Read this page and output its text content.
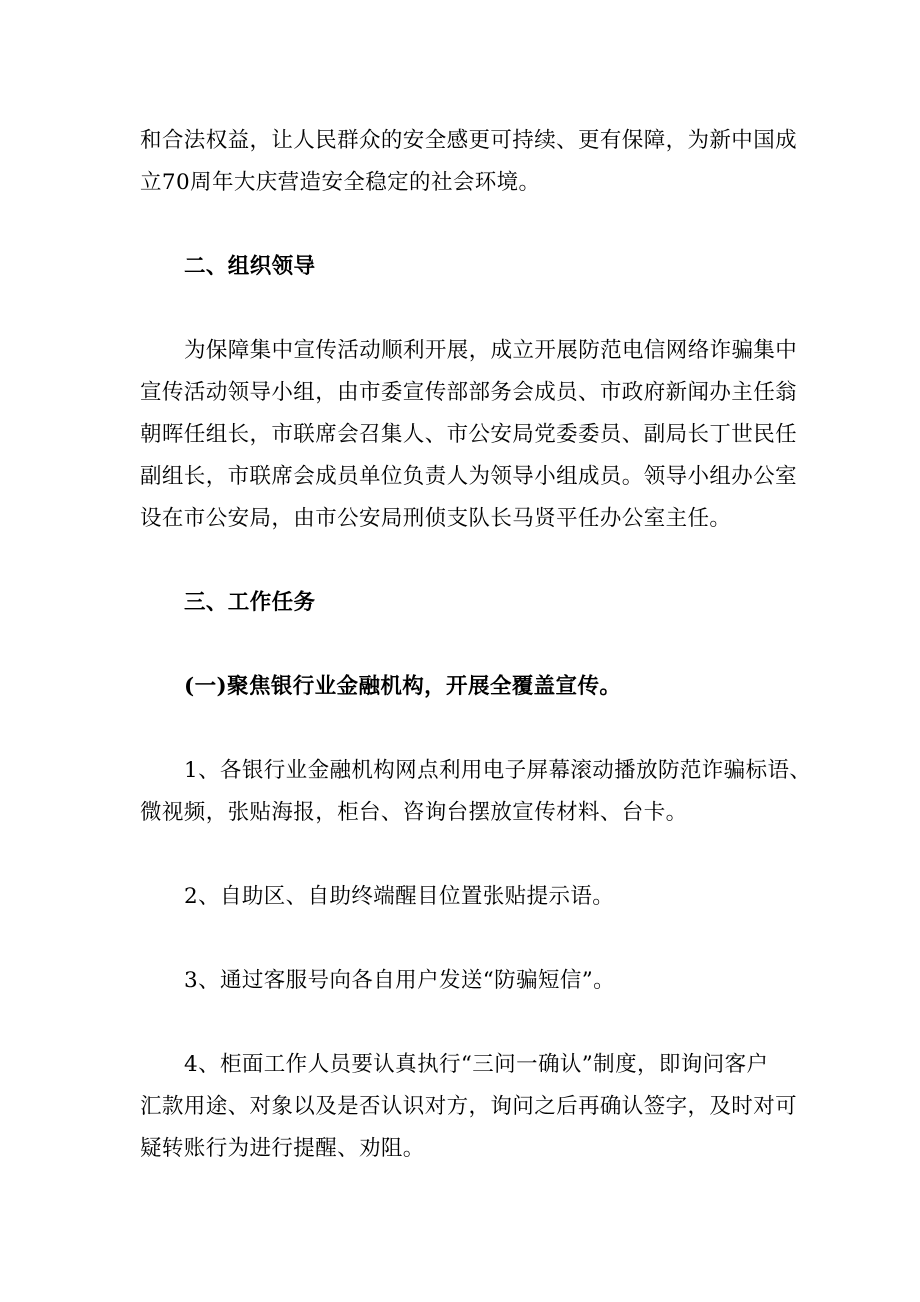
和合法权益，让人民群众的安全感更可持续、更有保障，为新中国成
立70周年大庆营造安全稳定的社会环境。
二、组织领导
为保障集中宣传活动顺利开展，成立开展防范电信网络诈骗集中
宣传活动领导小组，由市委宣传部部务会成员、市政府新闻办主任翁
朝晖任组长，市联席会召集人、市公安局党委委员、副局长丁世民任
副组长，市联席会成员单位负责人为领导小组成员。领导小组办公室
设在市公安局，由市公安局刑侦支队长马贤平任办公室主任。
三、工作任务
(一)聚焦银行业金融机构，开展全覆盖宣传。
1、各银行业金融机构网点利用电子屏幕滚动播放防范诈骗标语、
微视频，张贴海报，柜台、咨询台摆放宣传材料、台卡。
2、自助区、自助终端醒目位置张贴提示语。
3、通过客服号向各自用户发送“防骗短信”。
4、柜面工作人员要认真执行“三问一确认”制度，即询问客户
汇款用途、对象以及是否认识对方，询问之后再确认签字，及时对可
疑转账行为进行提醒、劝阻。
